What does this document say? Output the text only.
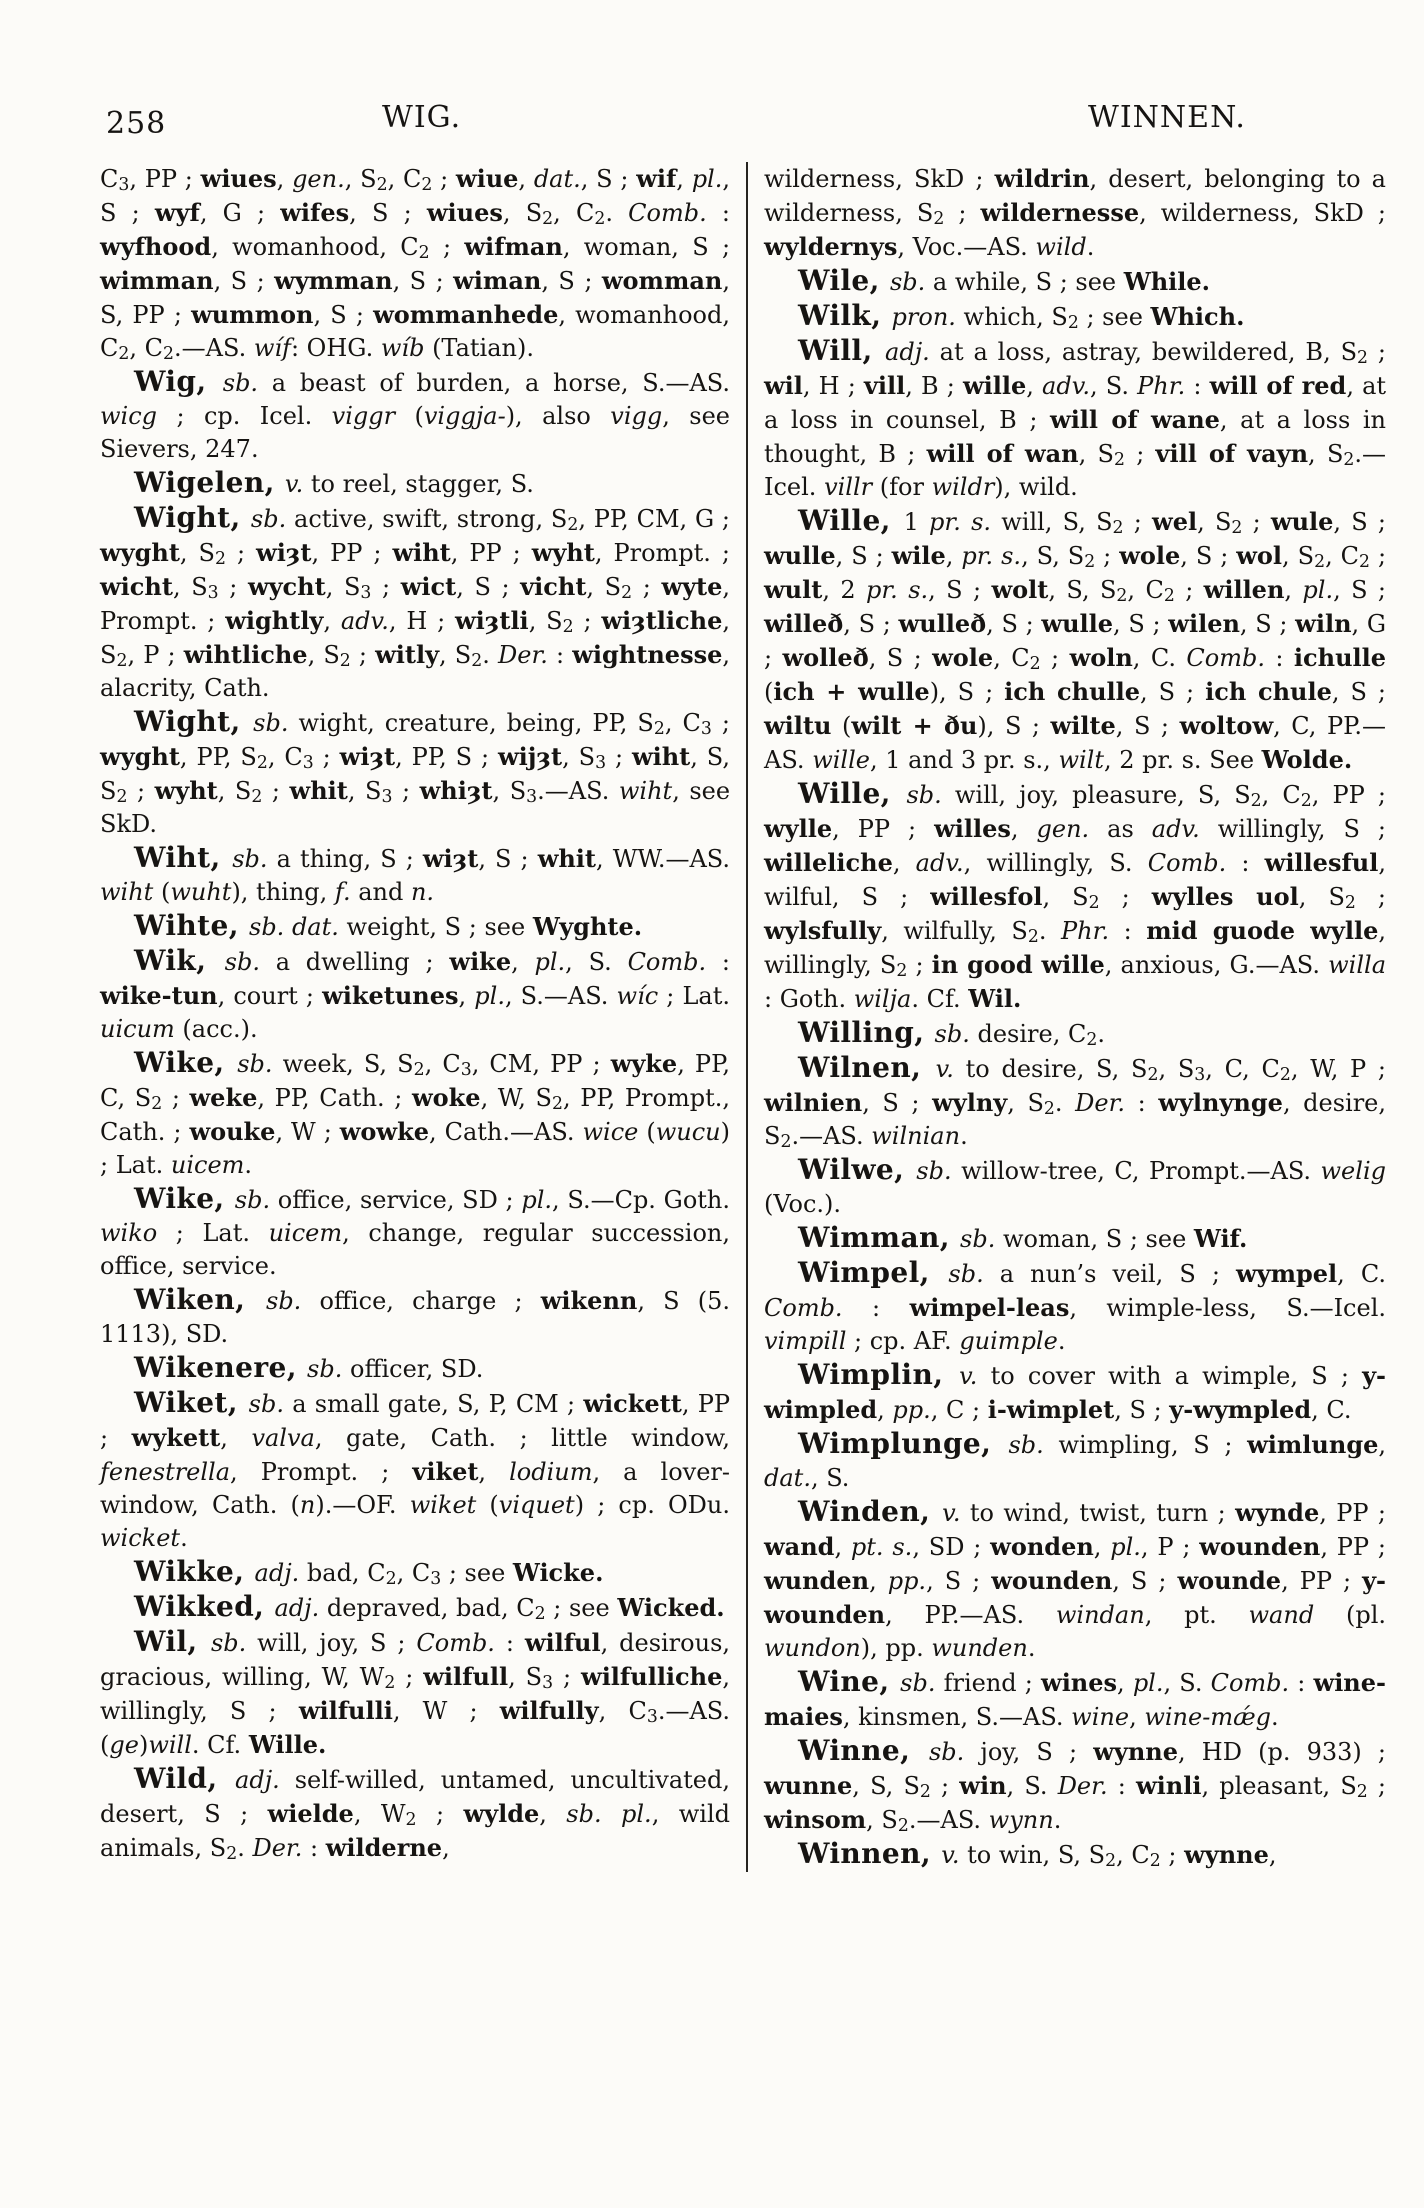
258	WIG.	WINNEN.

$C_3$, PP ; wiues, gen., $S_2$, $C_2$ ; wiue, dat., S ; wif, pl., S ; wyf, G ; wifes, S ; wiues, $S_2$, $C_2$. Comb. : wyfhood, womanhood, $C_2$ ; wifman, woman, S ; wimman, S ; wymman, S ; wiman, S ; womman, S, PP ; wummon, S ; wommanhede, womanhood, $C_2$, $C_2.—AS$. wíf: OHG. wíb (Tatian).

Wig, sb. a beast of burden, a horse, S.—AS. wicg ; cp. Icel. viggr (viggja-), also vigg, see Sievers, 247.

Wigelen, v. to reel, stagger, S.

Wight, sb. active, swift, strong, $S_2$, PP, CM, G ; wyght, $S_2$ ; wiȝt, PP ; wiht, PP ; wyht, Prompt. ; wicht, $S_3$ ; wycht, $S_3$ ; wict, S ; vicht, $S_2$ ; wyte, Prompt. ; wightly, adv., H ; wiȝtli, $S_2$ ; wiȝtliche, $S_2$, P ; wihtliche, $S_2$ ; witly, $S_2$. Der. : wightnesse, alacrity, Cath.

Wight, sb. wight, creature, being, PP, $S_2$, $C_3$ ; wyght, PP, $S_2$, $C_3$ ; wiȝt, PP, S ; wijȝt, $S_3$ ; wiht, S, $S_2$ ; wyht, $S_2$ ; whit, $S_3$ ; whiȝt, $S_3.—AS$. wiht, see SkD.

Wiht, sb. a thing, S ; wiȝt, S ; whit, WW.—AS. wiht (wuht), thing, f. and n.

Wihte, sb. dat. weight, S ; see Wyghte.

Wik, sb. a dwelling ; wike, pl., S. Comb. : wike-tun, court ; wiketunes, pl., S.—AS. wíc ; Lat. uicum (acc.).

Wike, sb. week, S, $S_2$, $C_3$, CM, PP ; wyke, PP, C, $S_2$ ; weke, PP, Cath. ; woke, W, $S_2$, PP, Prompt., Cath. ; wouke, W ; wowke, Cath.—AS. wice (wucu) ; Lat. uicem.

Wike, sb. office, service, SD ; pl., S.—Cp. Goth. wiko ; Lat. uicem, change, regular succession, office, service.

Wiken, sb. office, charge ; wikenn, S (5. 1113), SD.

Wikenere, sb. officer, SD.

Wiket, sb. a small gate, S, P, CM ; wickett, PP ; wykett, valva, gate, Cath. ; little window, fenestrella, Prompt. ; viket, lodium, a lover-window, Cath. (n).—OF. wiket (viquet) ; cp. ODu. wicket.

Wikke, adj. bad, $C_2$, $C_3$ ; see Wicke.

Wikked, adj. depraved, bad, $C_2$ ; see Wicked.

Wil, sb. will, joy, S ; Comb. : wilful, desirous, gracious, willing, W, $W_2$ ; wilfull, $S_3$ ; wilfulliche, willingly, S ; wilfulli, W ; wilfully, $C_3.—AS$. (ge)will. Cf. Wille.

Wild, adj. self-willed, untamed, uncultivated, desert, S ; wielde, $W_2$ ; wylde, sb. pl., wild animals, $S_2$. Der. : wilderne,

wilderness, SkD ; wildrin, desert, belonging to a wilderness, $S_2$ ; wildernesse, wilderness, SkD ; wyldernys, Voc.—AS. wild.

Wile, sb. a while, S ; see While.

Wilk, pron. which, $S_2$ ; see Which.

Will, adj. at a loss, astray, bewildered, B, $S_2$ ; wil, H ; vill, B ; wille, adv., S. Phr. : will of red, at a loss in counsel, B ; will of wane, at a loss in thought, B ; will of wan, $S_2$ ; vill of vayn, $S_2.—Icel$. villr (for wildr), wild.

Wille, 1 pr. s. will, S, $S_2$ ; wel, $S_2$ ; wule, S ; wulle, S ; wile, pr. s., S, $S_2$ ; wole, S ; wol, $S_2$, $C_2$ ; wult, 2 pr. s., S ; wolt, S, $S_2$, $C_2$ ; willen, pl., S ; willeð, S ; wulleð, S ; wulle, S ; wilen, S ; wiln, G ; wolleð, S ; wole, $C_2$ ; woln, C. Comb. : ichulle (ich + wulle), S ; ich chulle, S ; ich chule, S ; wiltu (wilt + ðu), S ; wilte, S ; woltow, C, PP.—AS. wille, 1 and 3 pr. s., wilt, 2 pr. s. See Wolde.

Wille, sb. will, joy, pleasure, S, $S_2$, $C_2$, PP ; wylle, PP ; willes, gen. as adv. willingly, S ; willeliche, adv., willingly, S. Comb. : willesful, wilful, S ; willesfol, $S_2$ ; wylles uol, $S_2$ ; wylsfully, wilfully, $S_2$. Phr. : mid guode wylle, willingly, $S_2$ ; in good wille, anxious, G.—AS. willa : Goth. wilja. Cf. Wil.

Willing, sb. desire, $C_2$.

Wilnen, v. to desire, S, $S_2$, $S_3$, C, $C_2$, W, P ; wilnien, S ; wylny, $S_2$. Der. : wylnynge, desire, $S_2.—AS$. wilnian.

Wilwe, sb. willow-tree, C, Prompt.—AS. welig (Voc.).

Wimman, sb. woman, S ; see Wif.

Wimpel, sb. a nun’s veil, S ; wympel, C. Comb. : wimpel-leas, wimple-less, S.—Icel. vimpill ; cp. AF. guimple.

Wimplin, v. to cover with a wimple, S ; y-wimpled, pp., C ; i-wimplet, S ; y-wympled, C.

Wimplunge, sb. wimpling, S ; wimlunge, dat., S.

Winden, v. to wind, twist, turn ; wynde, PP ; wand, pt. s., SD ; wonden, pl., P ; wounden, PP ; wunden, pp., S ; wounden, S ; wounde, PP ; y-wounden, PP.—AS. windan, pt. wand (pl. wundon), pp. wunden.

Wine, sb. friend ; wines, pl., S. Comb. : wine-maies, kinsmen, S.—AS. wine, wine-mǽg.

Winne, sb. joy, S ; wynne, HD (p. 933) ; wunne, S, $S_2$ ; win, S. Der. : winli, pleasant, $S_2$ ; winsom, $S_2.—AS$. wynn.

Winnen, v. to win, S, $S_2$, $C_2$ ; wynne,
